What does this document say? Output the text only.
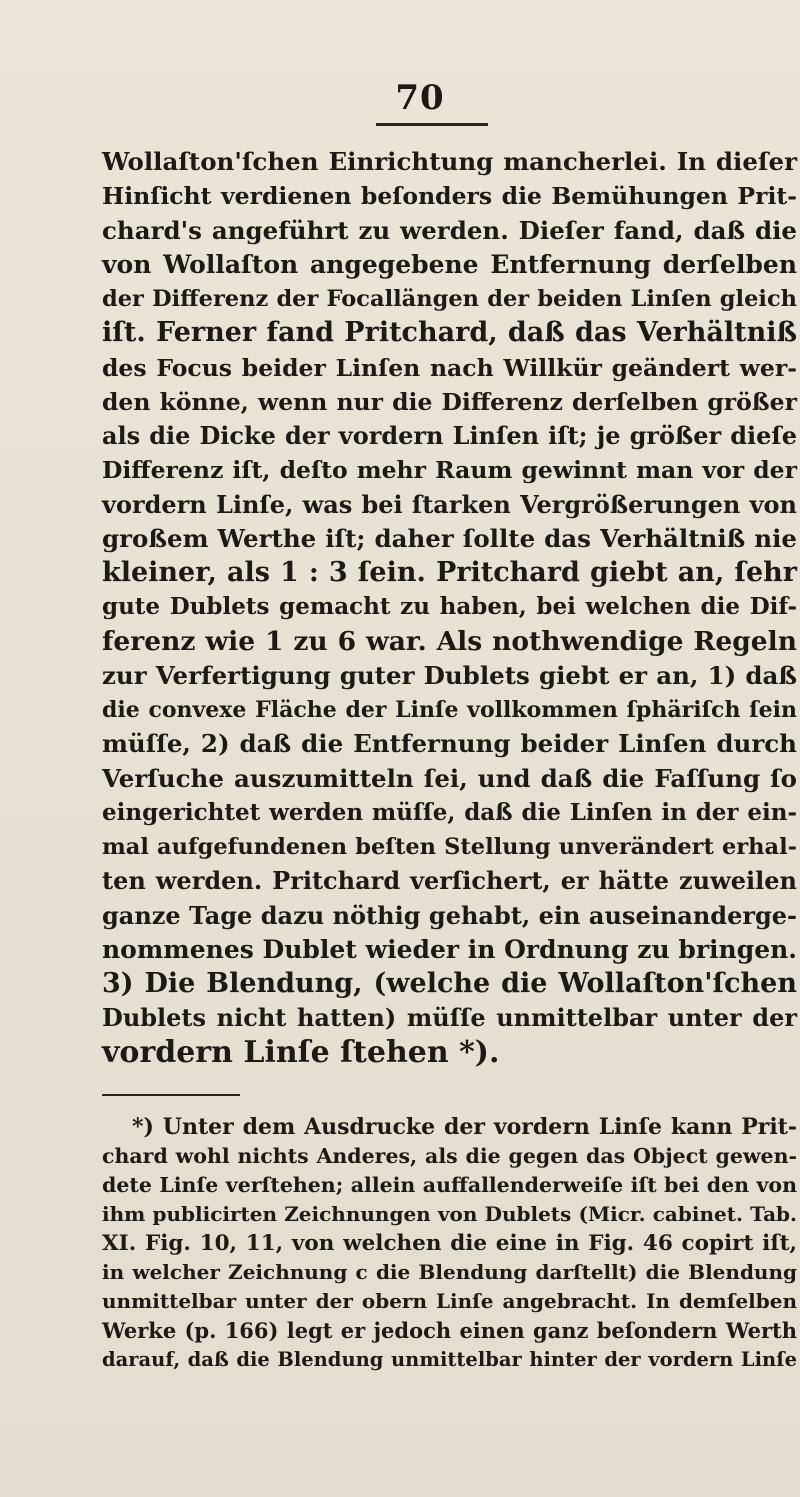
70
Wollaſton'ſchen Einrichtung mancherlei. In dieſer
Hinſicht verdienen beſonders die Bemühungen Prit-
chard's angeführt zu werden. Dieſer fand, daß die
von Wollaſton angegebene Entfernung derſelben
der Differenz der Focallängen der beiden Linſen gleich
iſt. Ferner fand Pritchard, daß das Verhältniß
des Focus beider Linſen nach Willkür geändert wer-
den könne, wenn nur die Differenz derſelben größer
als die Dicke der vordern Linſen iſt; je größer dieſe
Differenz iſt, deſto mehr Raum gewinnt man vor der
vordern Linſe, was bei ſtarken Vergrößerungen von
großem Werthe iſt; daher ſollte das Verhältniß nie
kleiner, als 1 : 3 ſein. Pritchard giebt an, ſehr
gute Dublets gemacht zu haben, bei welchen die Dif-
ferenz wie 1 zu 6 war. Als nothwendige Regeln
zur Verfertigung guter Dublets giebt er an, 1) daß
die convexe Fläche der Linſe vollkommen ſphäriſch ſein
müſſe, 2) daß die Entfernung beider Linſen durch
Verſuche auszumitteln ſei, und daß die Faſſung ſo
eingerichtet werden müſſe, daß die Linſen in der ein-
mal aufgefundenen beſten Stellung unverändert erhal-
ten werden. Pritchard verſichert, er hätte zuweilen
ganze Tage dazu nöthig gehabt, ein auseinanderge-
nommenes Dublet wieder in Ordnung zu bringen.
3) Die Blendung, (welche die Wollaſton'ſchen
Dublets nicht hatten) müſſe unmittelbar unter der
vordern Linſe ſtehen *).
*) Unter dem Ausdrucke der vordern Linſe kann Prit-
chard wohl nichts Anderes, als die gegen das Object gewen-
dete Linſe verſtehen; allein auffallenderweiſe iſt bei den von
ihm publicirten Zeichnungen von Dublets (Micr. cabinet. Tab.
XI. Fig. 10, 11, von welchen die eine in Fig. 46 copirt iſt,
in welcher Zeichnung c die Blendung darſtellt) die Blendung
unmittelbar unter der obern Linſe angebracht. In demſelben
Werke (p. 166) legt er jedoch einen ganz beſondern Werth
darauf, daß die Blendung unmittelbar hinter der vordern Linſe
